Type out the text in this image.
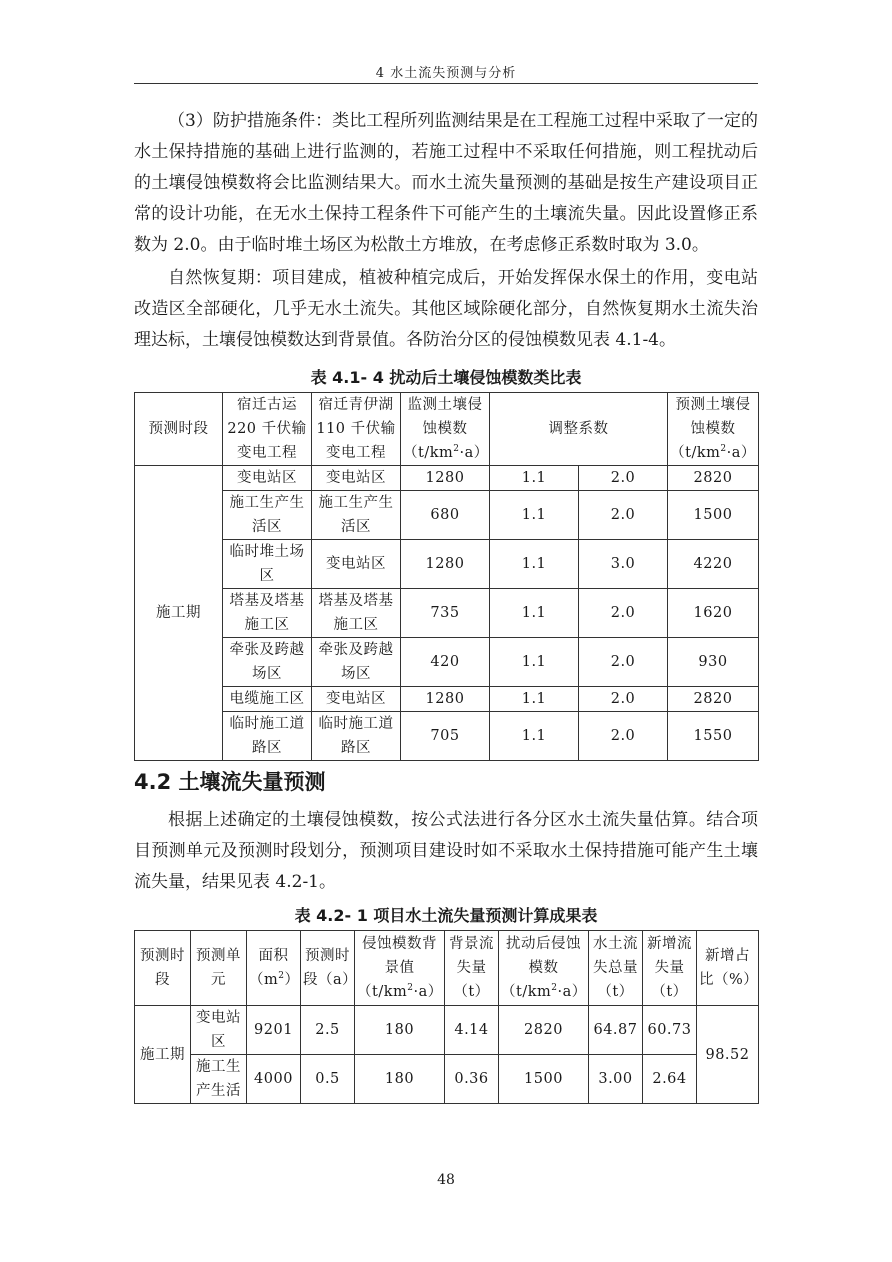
4 水土流失预测与分析

（3）防护措施条件：类比工程所列监测结果是在工程施工过程中采取了一定的水土保持措施的基础上进行监测的，若施工过程中不采取任何措施，则工程扰动后的土壤侵蚀模数将会比监测结果大。而水土流失量预测的基础是按生产建设项目正常的设计功能，在无水土保持工程条件下可能产生的土壤流失量。因此设置修正系数为 2.0。由于临时堆土场区为松散土方堆放，在考虑修正系数时取为 3.0。

自然恢复期：项目建成，植被种植完成后，开始发挥保水保土的作用，变电站改造区全部硬化，几乎无水土流失。其他区域除硬化部分，自然恢复期水土流失治理达标，土壤侵蚀模数达到背景值。各防治分区的侵蚀模数见表 4.1-4。

表 4.1- 4 扰动后土壤侵蚀模数类比表
预测时段	宿迁古运220 千伏输变电工程	宿迁青伊湖110 千伏输变电工程	监测土壤侵蚀模数$(t/km^2\cdot a)$	调整系数		预测土壤侵蚀模数$(t/km^2\cdot a)$
施工期	变电站区	变电站区	1280	1.1	2.0	2820
	施工生产生活区	施工生产生活区	680	1.1	2.0	1500
	临时堆土场区	变电站区	1280	1.1	3.0	4220
	塔基及塔基施工区	塔基及塔基施工区	735	1.1	2.0	1620
	牵张及跨越场区	牵张及跨越场区	420	1.1	2.0	930
	电缆施工区	变电站区	1280	1.1	2.0	2820
	临时施工道路区	临时施工道路区	705	1.1	2.0	1550
4.2 土壤流失量预测

根据上述确定的土壤侵蚀模数，按公式法进行各分区水土流失量估算。结合项目预测单元及预测时段划分，预测项目建设时如不采取水土保持措施可能产生土壤流失量，结果见表 4.2-1。

表 4.2- 1 项目水土流失量预测计算成果表
预测时段	预测单元	面积$(m^2)$	预测时段（a）	侵蚀模数背景值$(t/km^2\cdot a)$	背景流失量（t）	扰动后侵蚀模数$(t/km^2\cdot a)$	水土流失总量（t）	新增流失量（t）	新增占比（%）
施工期	变电站区	9201	2.5	180	4.14	2820	64.87	60.73	98.52
	施工生产生活	4000	0.5	180	0.36	1500	3.00	2.64	
48
